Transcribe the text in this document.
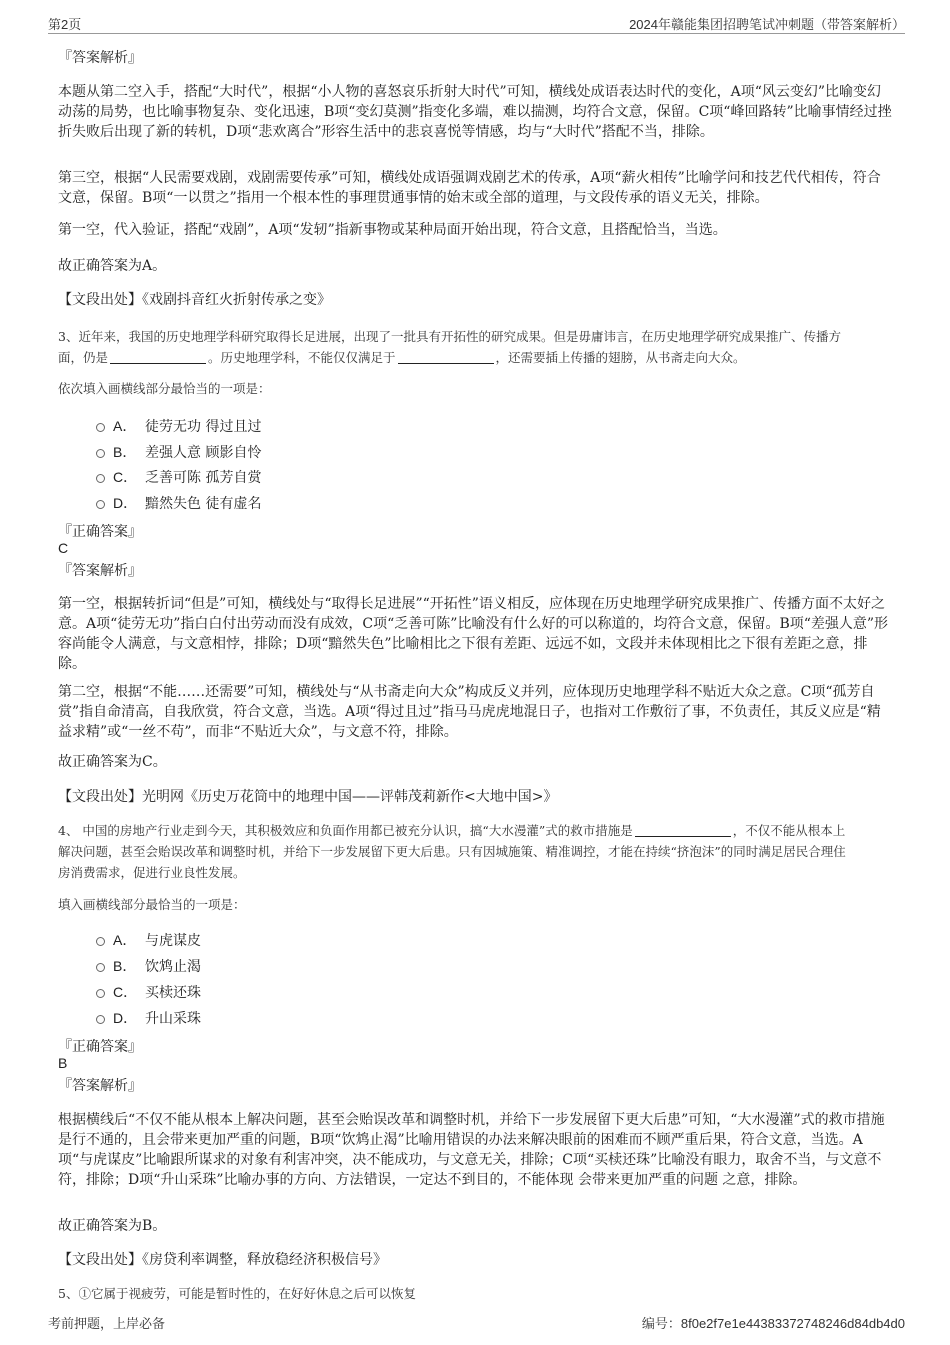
第2页	2024年赣能集团招聘笔试冲刺题（带答案解析）
『答案解析』
本题从第二空入手，搭配“大时代”，根据“小人物的喜怒哀乐折射大时代”可知，横线处成语表达时代的变化，A项“风云变幻”比喻变幻动荡的局势，也比喻事物复杂、变化迅速，B项“变幻莫测”指变化多端，难以揣测，均符合文意，保留。C项“峰回路转”比喻事情经过挫折失败后出现了新的转机，D项“悲欢离合”形容生活中的悲哀喜悦等情感，均与“大时代”搭配不当，排除。
第三空，根据“人民需要戏剧，戏剧需要传承”可知，横线处成语强调戏剧艺术的传承，A项“薪火相传”比喻学问和技艺代代相传，符合文意，保留。B项“一以贯之”指用一个根本性的事理贯通事情的始末或全部的道理，与文段传承的语义无关，排除。
第一空，代入验证，搭配“戏剧”，A项“发轫”指新事物或某种局面开始出现，符合文意，且搭配恰当，当选。
故正确答案为A。
【文段出处】《戏剧抖音红火折射传承之变》
3、近年来，我国的历史地理学科研究取得长足进展，出现了一批具有开拓性的研究成果。但是毋庸讳言，在历史地理学研究成果推广、传播方
面，仍是	。历史地理学科，不能仅仅满足于	，还需要插上传播的翅膀，从书斋走向大众。
依次填入画横线部分最恰当的一项是：
A． 徒劳无功 得过且过
B． 差强人意 顾影自怜
C． 乏善可陈 孤芳自赏
D． 黯然失色 徒有虚名
『正确答案』
C
『答案解析』
第一空，根据转折词“但是”可知，横线处与“取得长足进展”“开拓性”语义相反，应体现在历史地理学研究成果推广、传播方面不太好之意。A项“徒劳无功”指白白付出劳动而没有成效，C项“乏善可陈”比喻没有什么好的可以称道的，均符合文意，保留。B项“差强人意”形容尚能令人满意，与文意相悖，排除；D项“黯然失色”比喻相比之下很有差距、远远不如，文段并未体现相比之下很有差距之意，排除。
第二空，根据“不能……还需要”可知，横线处与“从书斋走向大众”构成反义并列，应体现历史地理学科不贴近大众之意。C项“孤芳自赏”指自命清高，自我欣赏，符合文意，当选。A项“得过且过”指马马虎虎地混日子，也指对工作敷衍了事，不负责任，其反义应是“精益求精”或“一丝不苟”，而非“不贴近大众”，与文意不符，排除。
故正确答案为C。
【文段出处】光明网《历史万花筒中的地理中国——评韩茂莉新作<大地中国>》
4、 中国的房地产行业走到今天，其积极效应和负面作用都已被充分认识，搞“大水漫灌”式的救市措施是	，不仅不能从根本上
解决问题，甚至会贻误改革和调整时机，并给下一步发展留下更大后患。只有因城施策、精准调控，才能在持续“挤泡沫”的同时满足居民合理住
房消费需求，促进行业良性发展。
填入画横线部分最恰当的一项是：
A． 与虎谋皮
B． 饮鸩止渴
C． 买椟还珠
D． 升山采珠
『正确答案』
B
『答案解析』
根据横线后“不仅不能从根本上解决问题，甚至会贻误改革和调整时机，并给下一步发展留下更大后患”可知，“大水漫灌”式的救市措施是行不通的，且会带来更加严重的问题，B项“饮鸩止渴”比喻用错误的办法来解决眼前的困难而不顾严重后果，符合文意，当选。A项“与虎谋皮”比喻跟所谋求的对象有利害冲突，决不能成功，与文意无关，排除；C项“买椟还珠”比喻没有眼力，取舍不当，与文意不符，排除；D项“升山采珠”比喻办事的方向、方法错误，一定达不到目的，不能体现 会带来更加严重的问题 之意，排除。
故正确答案为B。
【文段出处】《房贷利率调整，释放稳经济积极信号》
5、①它属于视疲劳，可能是暂时性的，在好好休息之后可以恢复
考前押题，上岸必备	编号：8f0e2f7e1e44383372748246d84db4d0
